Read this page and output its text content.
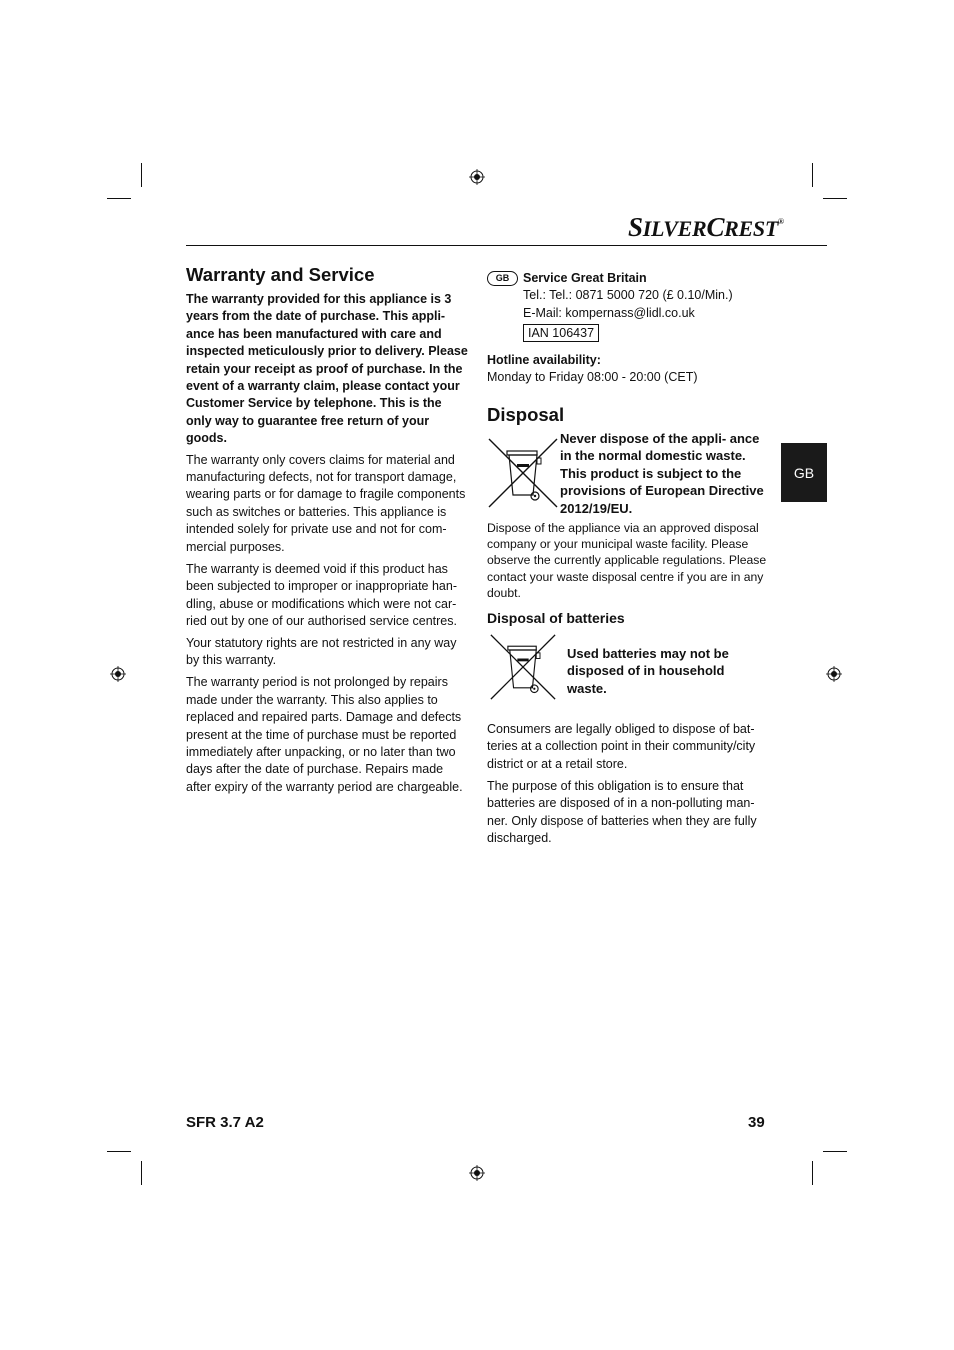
SILVERCREST®
GB
Warranty and Service

The warranty provided for this appliance is 3 years from the date of purchase. This appli- ance has been manufactured with care and inspected meticulously prior to delivery. Please retain your receipt as proof of purchase. In the event of a warranty claim, please contact your Customer Service by telephone. This is the only way to guarantee free return of your goods.

The warranty only covers claims for material and manufacturing defects, not for transport damage, wearing parts or for damage to fragile components such as switches or batteries. This appliance is intended solely for private use and not for com- mercial purposes.

The warranty is deemed void if this product has been subjected to improper or inappropriate han- dling, abuse or modifications which were not car- ried out by one of our authorised service centres.

Your statutory rights are not restricted in any way by this warranty.

The warranty period is not prolonged by repairs made under the warranty. This also applies to replaced and repaired parts. Damage and defects present at the time of purchase must be reported immediately after unpacking, or no later than two days after the date of purchase. Repairs made after expiry of the warranty period are chargeable.

GB	Service Great Britain
Tel.: Tel.: 0871 5000 720 (£ 0.10/Min.)
E-Mail: kompernass@lidl.co.uk
IAN 106437
Hotline availability:
Monday to Friday 08:00 - 20:00 (CET)
Disposal
Never dispose of the appli- ance in the normal domestic waste. This product is subject to the provisions of European Directive 2012/19/EU.

Dispose of the appliance via an approved disposal company or your municipal waste facility. Please observe the currently applicable regulations. Please contact your waste disposal centre if you are in any doubt.

Disposal of batteries
Used batteries may not be disposed of in household waste.

Consumers are legally obliged to dispose of bat- teries at a collection point in their community/city district or at a retail store.

The purpose of this obligation is to ensure that batteries are disposed of in a non-polluting man- ner. Only dispose of batteries when they are fully discharged.

SFR 3.7 A2	39
